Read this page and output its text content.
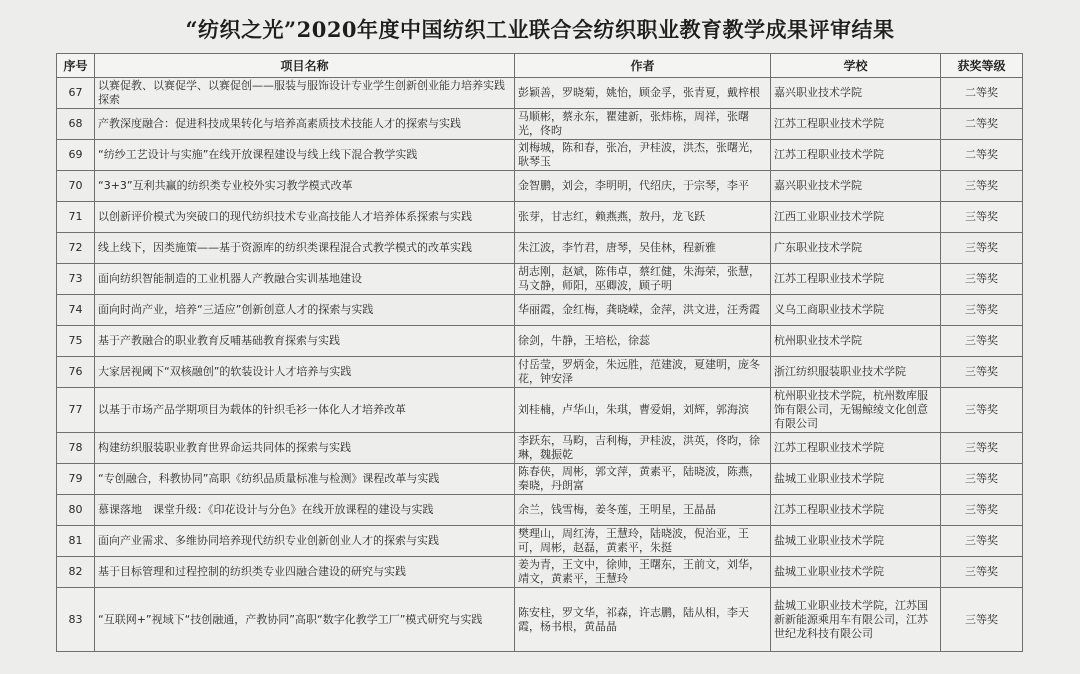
“纺织之光”2020年度中国纺织工业联合会纺织职业教育教学成果评审结果
序号	项目名称	作者	学校	获奖等级
67	以赛促教、以赛促学、以赛促创——服装与服饰设计专业学生创新创业能力培养实践探索	彭颖善，罗晓菊，姚怡，顾金孚，张青夏，戴梓根	嘉兴职业技术学院	二等奖
68	产教深度融合：促进科技成果转化与培养高素质技术技能人才的探索与实践	马顺彬，蔡永东，瞿建新，张炜栋，周祥，张曙光，佟昀	江苏工程职业技术学院	二等奖
69	“纺纱工艺设计与实施”在线开放课程建设与线上线下混合教学实践	刘梅城，陈和春，张冶，尹桂波，洪杰，张曙光，耿琴玉	江苏工程职业技术学院	二等奖
70	“3+3”互利共赢的纺织类专业校外实习教学模式改革	金智鹏，刘会，李明明，代绍庆，于宗琴，李平	嘉兴职业技术学院	三等奖
71	以创新评价模式为突破口的现代纺织技术专业高技能人才培养体系探索与实践	张芽，甘志红，赖燕燕，敖丹，龙飞跃	江西工业职业技术学院	三等奖
72	线上线下，因类施策——基于资源库的纺织类课程混合式教学模式的改革实践	朱江波，李竹君，唐琴，吴佳林，程新雅	广东职业技术学院	三等奖
73	面向纺织智能制造的工业机器人产教融合实训基地建设	胡志刚，赵斌，陈伟卓，蔡红健，朱海荣，张慧，马文静，师阳，巫卿波，顾子明	江苏工程职业技术学院	三等奖
74	面向时尚产业，培养“三适应”创新创意人才的探索与实践	华丽霞，金红梅，龚晓嵘，金萍，洪文进，汪秀霞	义乌工商职业技术学院	三等奖
75	基于产教融合的职业教育反哺基础教育探索与实践	徐剑，牛静，王培松，徐蕊	杭州职业技术学院	三等奖
76	大家居视阈下“双核融创”的软装设计人才培养与实践	付岳莹，罗炳金，朱远胜，范建波，夏建明，庞冬花，钟安泽	浙江纺织服装职业技术学院	三等奖
77	以基于市场产品学期项目为载体的针织毛衫一体化人才培养改革	刘桂楠，卢华山，朱琪，曹爱娟，刘辉，郭海滨	杭州职业技术学院，杭州数库服饰有限公司，无锡鲸绫文化创意有限公司	三等奖
78	构建纺织服装职业教育世界命运共同体的探索与实践	李跃东，马畇，吉利梅，尹桂波，洪英，佟昀，徐琳，魏振乾	江苏工程职业技术学院	三等奖
79	“专创融合，科教协同”高职《纺织品质量标准与检测》课程改革与实践	陈春侠，周彬，郭文萍，黄素平，陆晓波，陈燕，秦晓，丹朗富	盐城工业职业技术学院	三等奖
80	慕课落地　课堂升级：《印花设计与分色》在线开放课程的建设与实践	余兰，钱雪梅，姜冬莲，王明星，王晶晶	江苏工程职业技术学院	三等奖
81	面向产业需求、多维协同培养现代纺织专业创新创业人才的探索与实践	樊理山，周红涛，王慧玲，陆晓波，倪治亚，王可，周彬，赵磊，黄素平，朱挺	盐城工业职业技术学院	三等奖
82	基于目标管理和过程控制的纺织类专业四融合建设的研究与实践	姜为青，王文中，徐帅，王曙东，王前文，刘华，靖文，黄素平，王慧玲	盐城工业职业技术学院	三等奖
83	“互联网+”视域下“技创融通，产教协同”高职“数字化教学工厂”模式研究与实践	陈安柱，罗文华，祁森，许志鹏，陆从相，李天霞，杨书根，黄晶晶	盐城工业职业技术学院，江苏国新新能源乘用车有限公司，江苏世纪龙科技有限公司	三等奖
